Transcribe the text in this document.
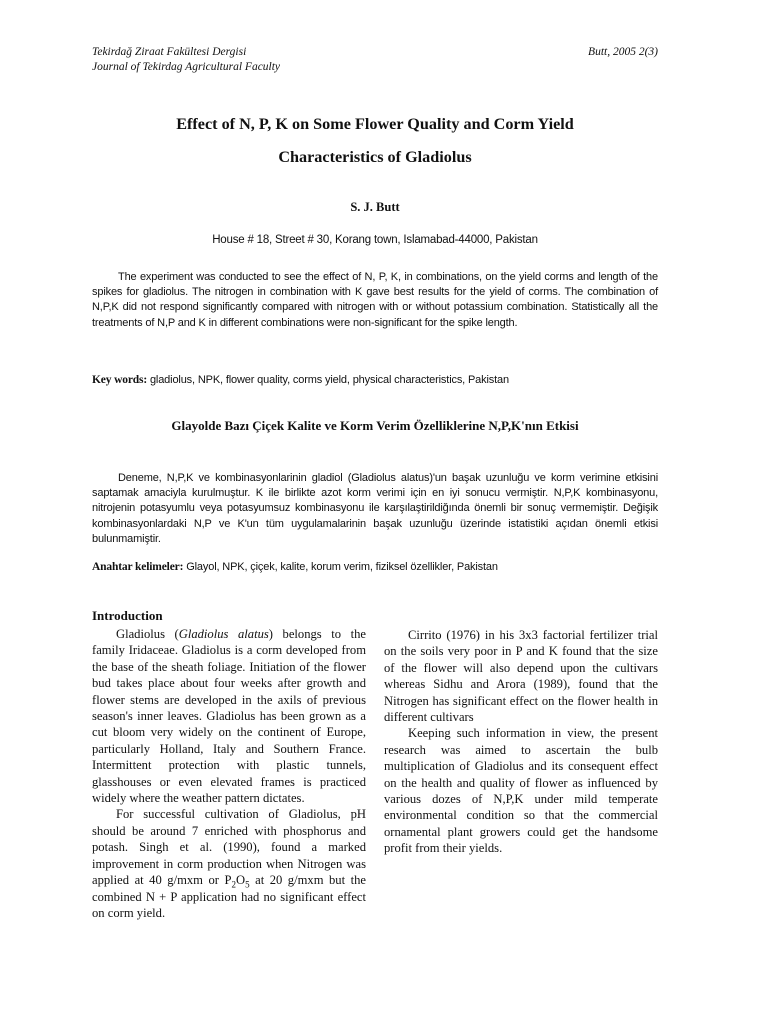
Tekirdağ Ziraat Fakültesi Dergisi
Journal of Tekirdag Agricultural Faculty
Butt, 2005 2(3)
Effect of N, P, K on Some Flower Quality and Corm Yield
Characteristics of Gladiolus
S. J. Butt
House # 18, Street # 30, Korang town, Islamabad-44000, Pakistan

The experiment was conducted to see the effect of N, P, K, in combinations, on the yield corms and length of the spikes for gladiolus. The nitrogen in combination with K gave best results for the yield of corms. The combination of N,P,K did not respond significantly compared with nitrogen with or without potassium combination. Statistically all the treatments of N,P and K in different combinations were non-significant for the spike length.

Key words: gladiolus, NPK, flower quality, corms yield, physical characteristics, Pakistan
Glayolde Bazı Çiçek Kalite ve Korm Verim Özelliklerine N,P,K'nın Etkisi

Deneme, N,P,K ve kombinasyonlarinin gladiol (Gladiolus alatus)'un başak uzunluğu ve korm verimine etkisini saptamak amaciyla kurulmuştur. K ile birlikte azot korm verimi için en iyi sonucu vermiştir. N,P,K kombinasyonu, nitrojenin potasyumlu veya potasyumsuz kombinasyonu ile karşılaştirildiğında önemli bir sonuç vermemiştir. Değişik kombinasyonlardaki N,P ve K'un tüm uygulamalarinin başak uzunluğu üzerinde istatistiki açıdan önemli etkisi bulunmamiştir.

Anahtar kelimeler: Glayol, NPK, çiçek, kalite, korum verim, fiziksel özellikler, Pakistan
Introduction

Gladiolus (Gladiolus alatus) belongs to the family Iridaceae. Gladiolus is a corm developed from the base of the sheath foliage. Initiation of the flower bud takes place about four weeks after growth and flower stems are developed in the axils of previous season's inner leaves. Gladiolus has been grown as a cut bloom very widely on the continent of Europe, particularly Holland, Italy and Southern France. Intermittent protection with plastic tunnels, glasshouses or even elevated frames is practiced widely where the weather pattern dictates.

For successful cultivation of Gladiolus, pH should be around 7 enriched with phosphorus and potash. Singh et al. (1990), found a marked improvement in corm production when Nitrogen was applied at 40 g/mxm or $P_2O_5$ at 20 g/mxm but the combined N + P application had no significant effect on corm yield.

Cirrito (1976) in his 3x3 factorial fertilizer trial on the soils very poor in P and K found that the size of the flower will also depend upon the cultivars whereas Sidhu and Arora (1989), found that the Nitrogen has significant effect on the flower health in different cultivars

Keeping such information in view, the present research was aimed to ascertain the bulb multiplication of Gladiolus and its consequent effect on the health and quality of flower as influenced by various dozes of N,P,K under mild temperate environmental condition so that the commercial ornamental plant growers could get the handsome profit from their yields.
